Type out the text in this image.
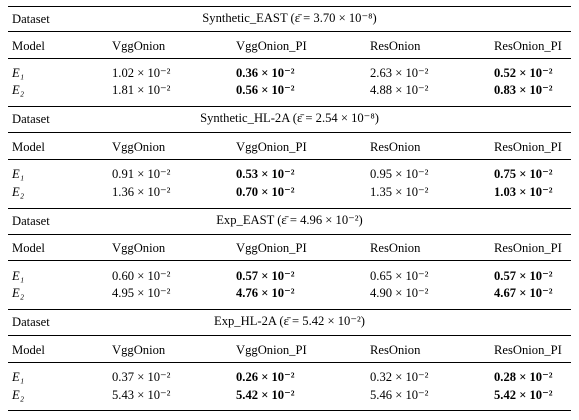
Dataset	Synthetic_EAST (ε̄ = 3.70 × 10⁻⁸)
Model	VggOnion	VggOnion_PI	ResOnion	ResOnion_PI
E₁	1.02 × 10⁻²	0.36 × 10⁻²	2.63 × 10⁻²	0.52 × 10⁻²
E₂	1.81 × 10⁻²	0.56 × 10⁻²	4.88 × 10⁻²	0.83 × 10⁻²
Dataset	Synthetic_HL-2A (ε̄ = 2.54 × 10⁻⁸)
Model	VggOnion	VggOnion_PI	ResOnion	ResOnion_PI
E₁	0.91 × 10⁻²	0.53 × 10⁻²	0.95 × 10⁻²	0.75 × 10⁻²
E₂	1.36 × 10⁻²	0.70 × 10⁻²	1.35 × 10⁻²	1.03 × 10⁻²
Dataset	Exp_EAST (ε̄ = 4.96 × 10⁻²)
Model	VggOnion	VggOnion_PI	ResOnion	ResOnion_PI
E₁	0.60 × 10⁻²	0.57 × 10⁻²	0.65 × 10⁻²	0.57 × 10⁻²
E₂	4.95 × 10⁻²	4.76 × 10⁻²	4.90 × 10⁻²	4.67 × 10⁻²
Dataset	Exp_HL-2A (ε̄ = 5.42 × 10⁻²)
Model	VggOnion	VggOnion_PI	ResOnion	ResOnion_PI
E₁	0.37 × 10⁻²	0.26 × 10⁻²	0.32 × 10⁻²	0.28 × 10⁻²
E₂	5.43 × 10⁻²	5.42 × 10⁻²	5.46 × 10⁻²	5.42 × 10⁻²
